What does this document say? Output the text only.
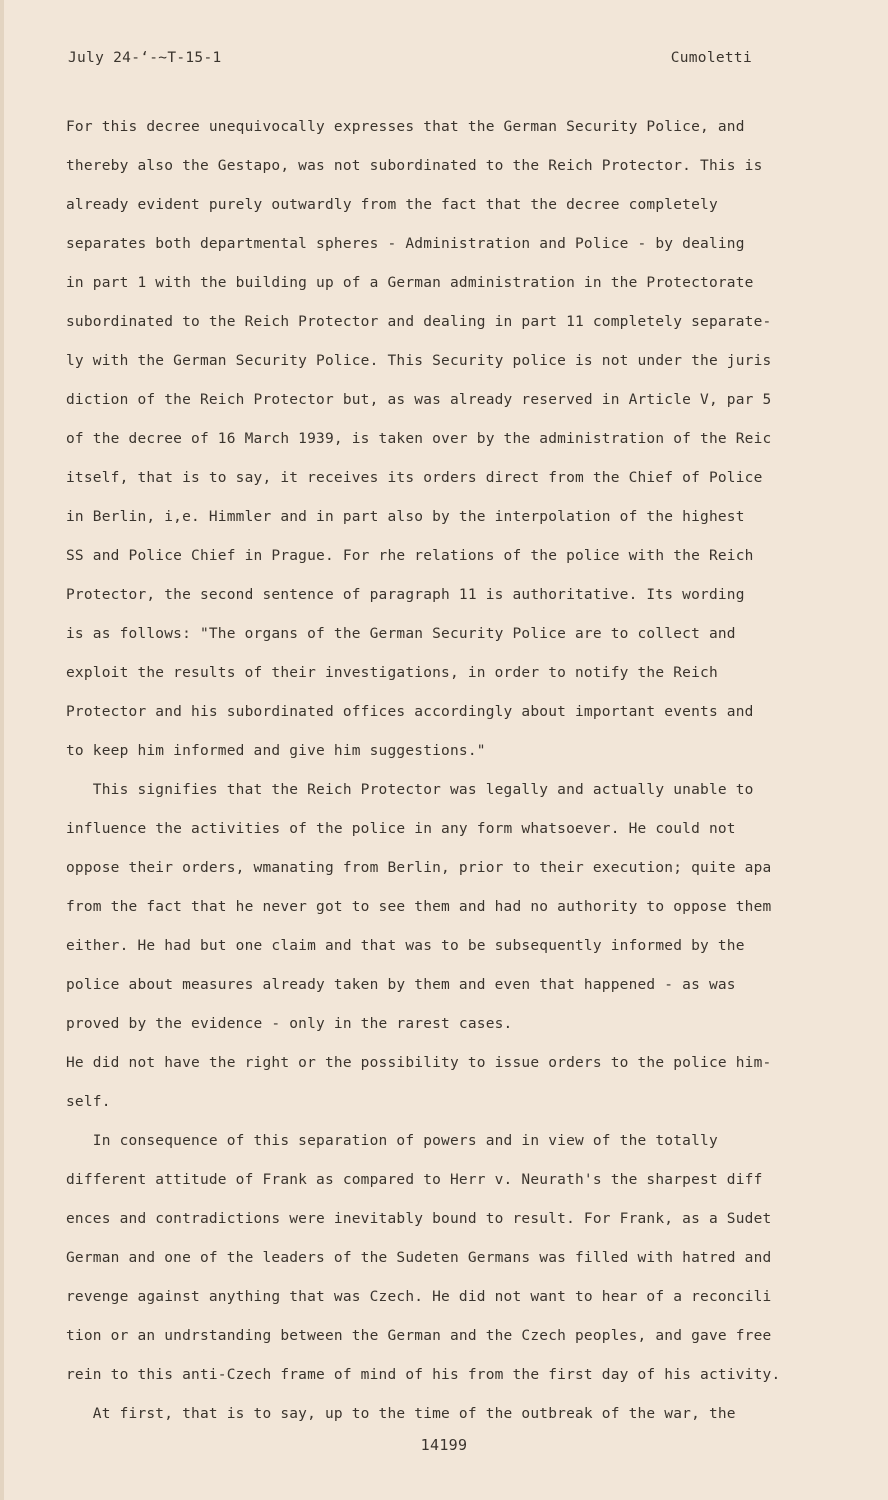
July 24-‘-~T-15-1	Cumoletti
For this decree unequivocally expresses that the German Security Police, and
thereby also the Gestapo, was not subordinated to the Reich Protector. This is
already evident purely outwardly from the fact that the decree completely
separates both departmental spheres - Administration and Police - by dealing
in part 1 with the building up of a German administration in the Protectorate
subordinated to the Reich Protector and dealing in part 11 completely separate-
ly with the German Security Police. This Security police is not under the juris
diction of the Reich Protector but, as was already reserved in Article V, par 5
of the decree of 16 March 1939, is taken over by the administration of the Reic
itself, that is to say, it receives its orders direct from the Chief of Police
in Berlin, i,e. Himmler and in part also by the interpolation of the highest
SS and Police Chief in Prague. For rhe relations of the police with the Reich
Protector, the second sentence of paragraph 11 is authoritative. Its wording
is as follows: "The organs of the German Security Police are to collect and
exploit the results of their investigations, in order to notify the Reich
Protector and his subordinated offices accordingly about important events and
to keep him informed and give him suggestions."
This signifies that the Reich Protector was legally and actually unable to
influence the activities of the police in any form whatsoever. He could not
oppose their orders, wmanating from Berlin, prior to their execution; quite apa
from the fact that he never got to see them and had no authority to oppose them
either. He had but one claim and that was to be subsequently informed by the
police about measures already taken by them and even that happened - as was
proved by the evidence - only in the rarest cases.
He did not have the right or the possibility to issue orders to the police him-
self.
In consequence of this separation of powers and in view of the totally
different attitude of Frank as compared to Herr v. Neurath's the sharpest diff
ences and contradictions were inevitably bound to result. For Frank, as a Sudet
German and one of the leaders of the Sudeten Germans was filled with hatred and
revenge against anything that was Czech. He did not want to hear of a reconcili
tion or an undrstanding between the German and the Czech peoples, and gave free
rein to this anti-Czech frame of mind of his from the first day of his activity.
At first, that is to say, up to the time of the outbreak of the war, the
14199
